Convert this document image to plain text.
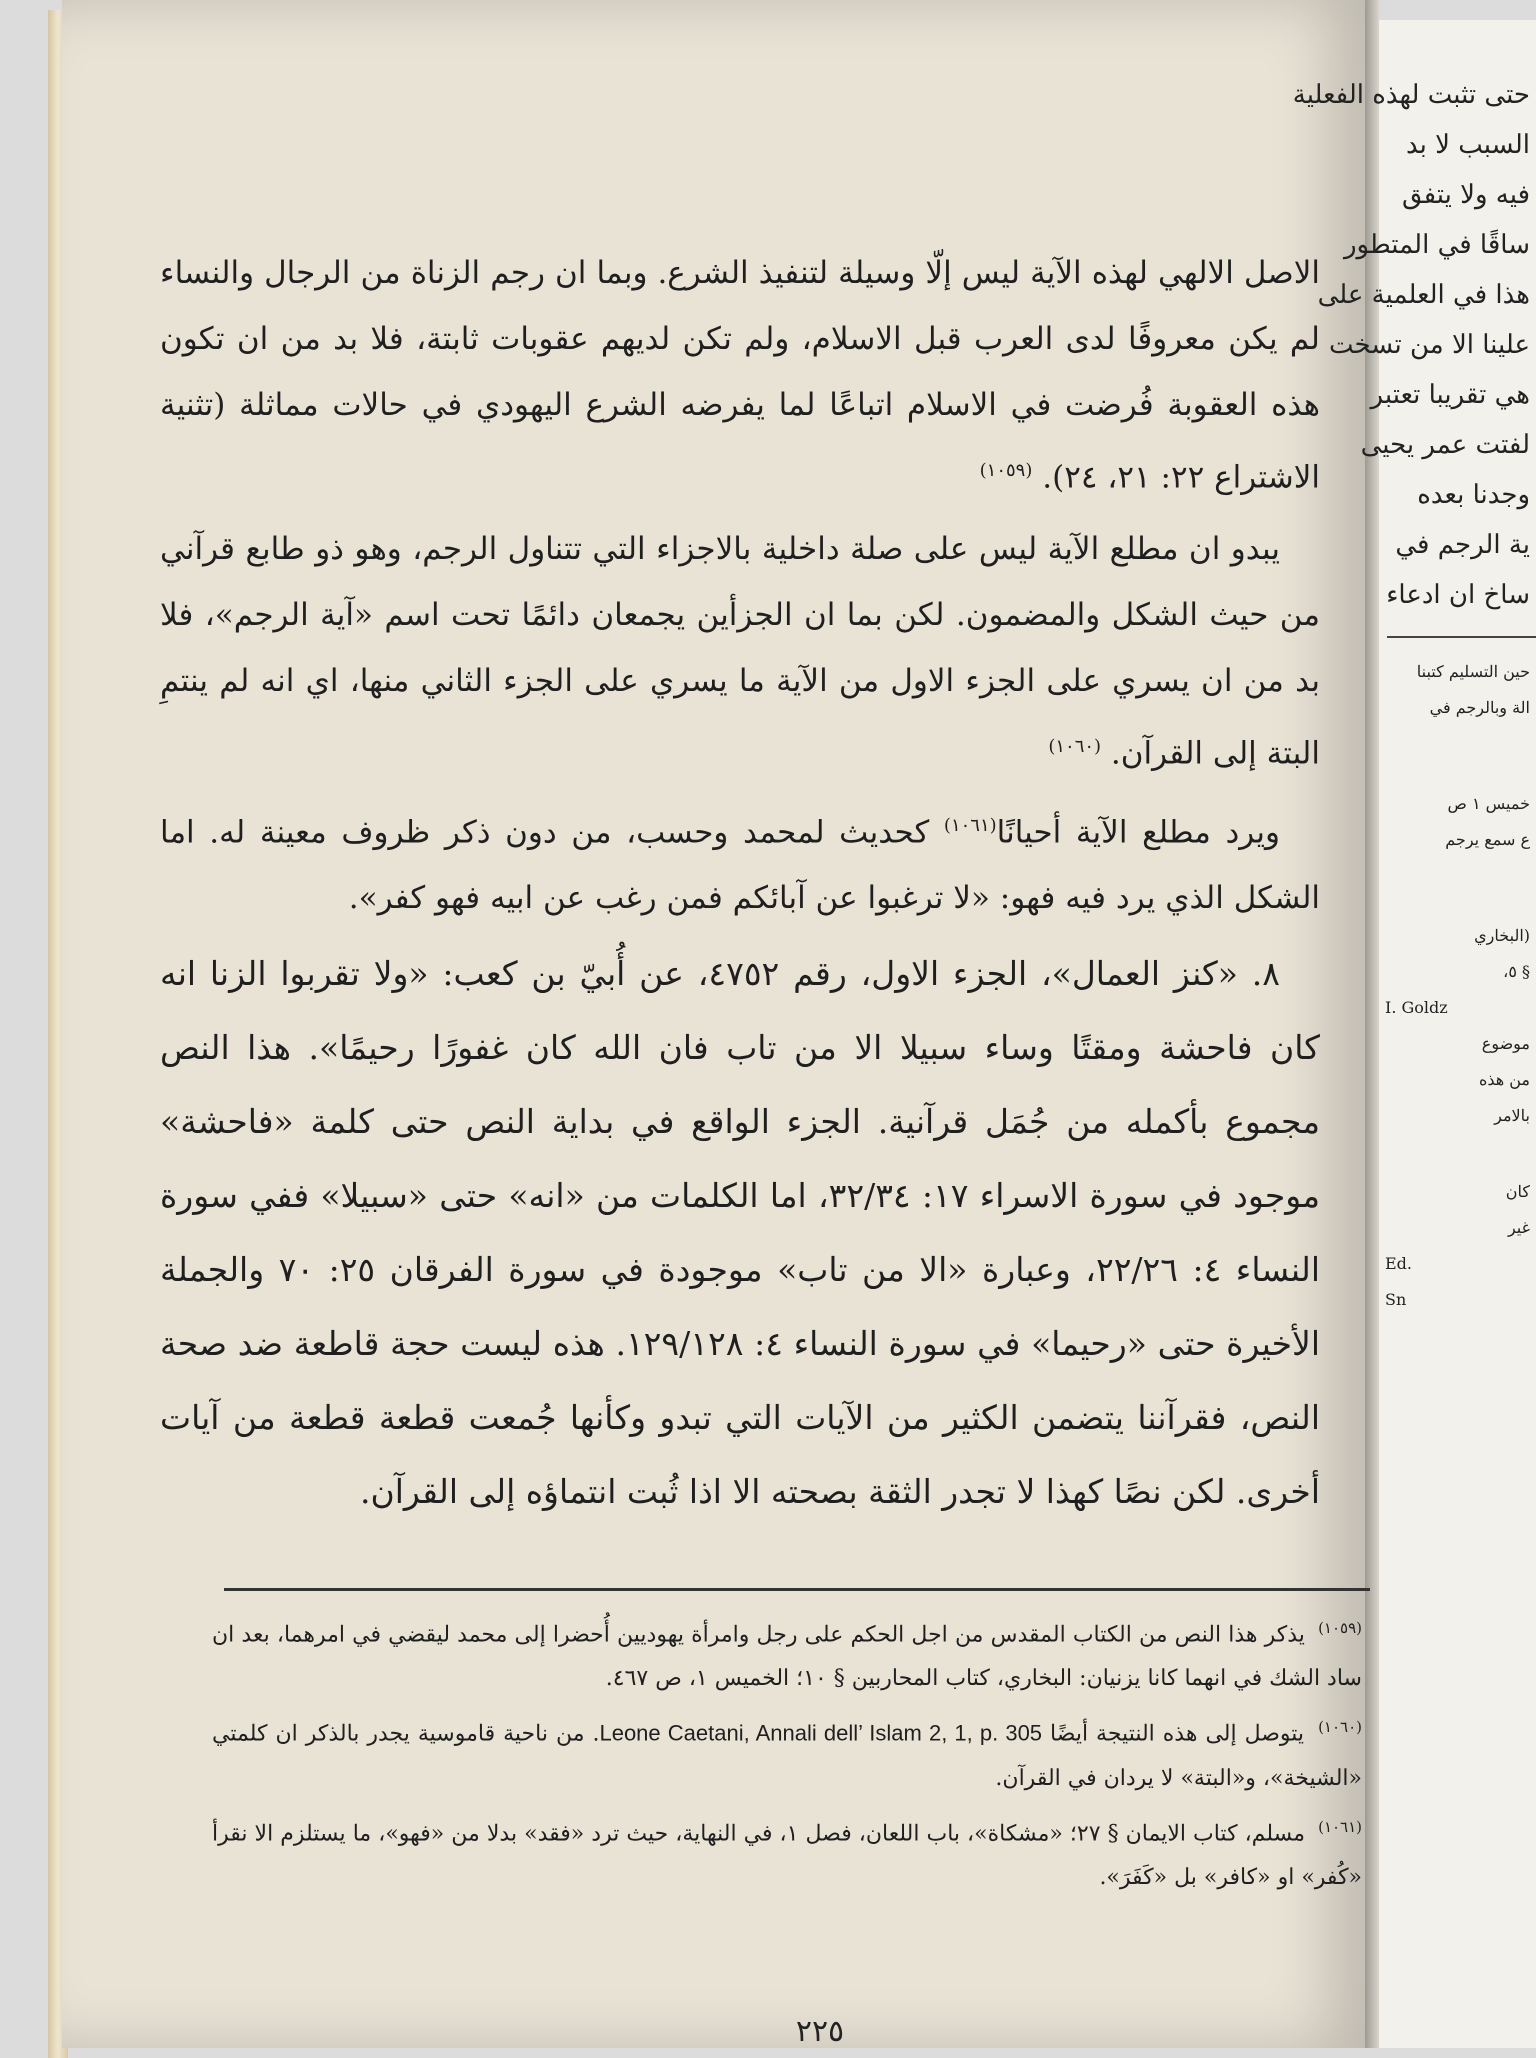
حتى تثبت لهذه الفعلية
السبب لا بد
فيه ولا يتفق
ساقًا في المتطور
هذا في العلمية على
علينا الا من تسخت
هي تقريبا تعتبر
لفتت عمر يحيى
وجدنا بعده
ية الرجم في
ساخ ان ادعاء
حين التسليم كتبنا
الة وبالرجم في
خميس ١ ص
ع سمع يرجم
(البخاري
§ ٥،
I. Goldz
موضوع
من هذه
بالامر
كان
غير
Ed.
Sn

الاصل الالهي لهذه الآية ليس إلّا وسيلة لتنفيذ الشرع. وبما ان رجم الزناة من الرجال والنساء لم يكن معروفًا لدى العرب قبل الاسلام، ولم تكن لديهم عقوبات ثابتة، فلا بد من ان تكون هذه العقوبة فُرضت في الاسلام اتباعًا لما يفرضه الشرع اليهودي في حالات مماثلة (تثنية الاشتراع ٢٢: ٢١، ٢٤). $^{(١٠٥٩)}$

يبدو ان مطلع الآية ليس على صلة داخلية بالاجزاء التي تتناول الرجم، وهو ذو طابع قرآني من حيث الشكل والمضمون. لكن بما ان الجزأين يجمعان دائمًا تحت اسم «آية الرجم»، فلا بد من ان يسري على الجزء الاول من الآية ما يسري على الجزء الثاني منها، اي انه لم ينتمِ البتة إلى القرآن. $^{(١٠٦٠)}$

ويرد مطلع الآية أحيانًا$^{(١٠٦١)}$ كحديث لمحمد وحسب، من دون ذكر ظروف معينة له. اما الشكل الذي يرد فيه فهو: «لا ترغبوا عن آبائكم فمن رغب عن ابيه فهو كفر».

٨. «كنز العمال»، الجزء الاول، رقم ٤٧٥٢، عن أُبيّ بن كعب: «ولا تقربوا الزنا انه كان فاحشة ومقتًا وساء سبيلا الا من تاب فان الله كان غفورًا رحيمًا». هذا النص مجموع بأكمله من جُمَل قرآنية. الجزء الواقع في بداية النص حتى كلمة «فاحشة» موجود في سورة الاسراء ١٧: ٣٢/٣٤، اما الكلمات من «انه» حتى «سبيلا» ففي سورة النساء ٤: ٢٢/٢٦، وعبارة «الا من تاب» موجودة في سورة الفرقان ٢٥: ٧٠ والجملة الأخيرة حتى «رحيما» في سورة النساء ٤: ١٢٩/١٢٨. هذه ليست حجة قاطعة ضد صحة النص، فقرآننا يتضمن الكثير من الآيات التي تبدو وكأنها جُمعت قطعة قطعة من آيات أخرى. لكن نصًا كهذا لا تجدر الثقة بصحته الا اذا ثُبت انتماؤه إلى القرآن.

$^{(١٠٥٩)}$ يذكر هذا النص من الكتاب المقدس من اجل الحكم على رجل وامرأة يهوديين أُحضرا إلى محمد ليقضي في امرهما، بعد ان ساد الشك في انهما كانا يزنيان: البخاري، كتاب المحاربين § ١٠؛ الخميس ١، ص ٤٦٧.

$^{(١٠٦٠)}$ يتوصل إلى هذه النتيجة أيضًا Leone Caetani, Annali dell’ Islam 2, 1, p. 305. من ناحية قاموسية يجدر بالذكر ان كلمتي «الشيخة»، و«البتة» لا يردان في القرآن.

$^{(١٠٦١)}$ مسلم، كتاب الايمان § ٢٧؛ «مشكاة»، باب اللعان، فصل ١، في النهاية، حيث ترد «فقد» بدلا من «فهو»، ما يستلزم الا نقرأ «كُفر» او «كافر» بل «كَفَرَ».

٢٢٥
